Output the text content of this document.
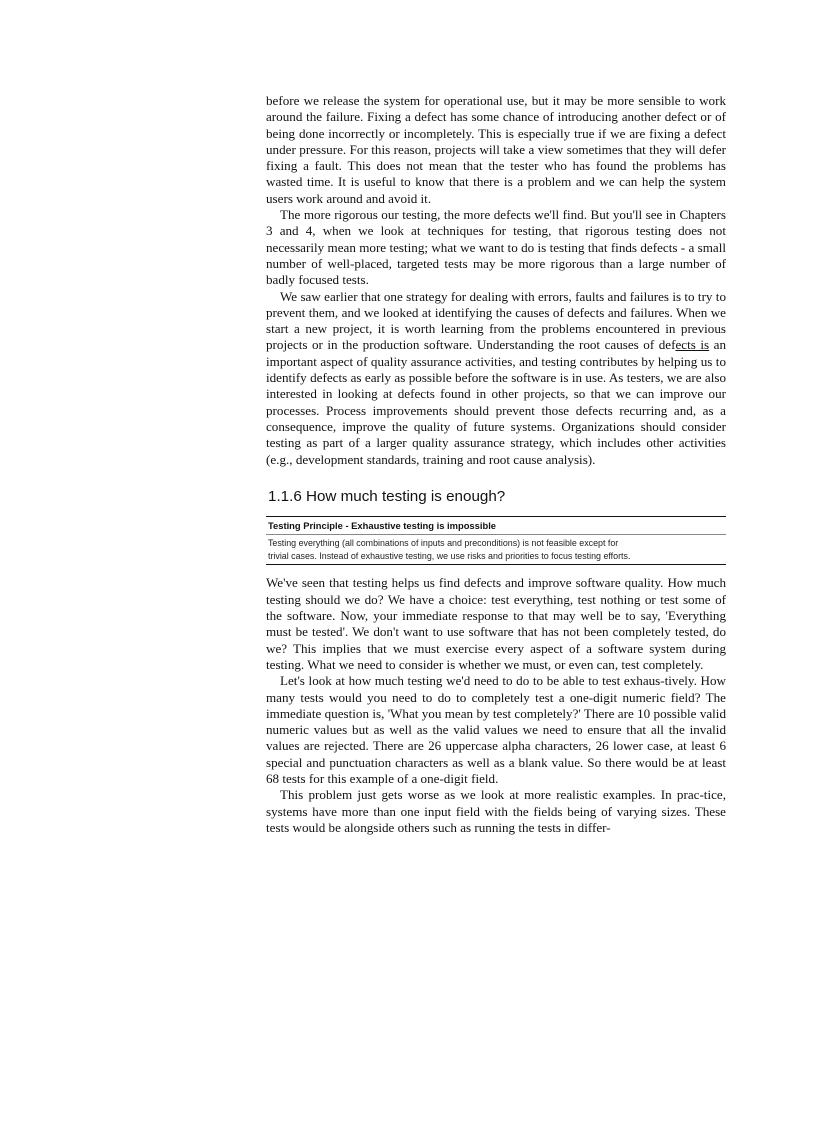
before we release the system for operational use, but it may be more sensible to work around the failure. Fixing a defect has some chance of introducing another defect or of being done incorrectly or incompletely. This is especially true if we are fixing a defect under pressure. For this reason, projects will take a view sometimes that they will defer fixing a fault. This does not mean that the tester who has found the problems has wasted time. It is useful to know that there is a problem and we can help the system users work around and avoid it.

The more rigorous our testing, the more defects we'll find. But you'll see in Chapters 3 and 4, when we look at techniques for testing, that rigorous testing does not necessarily mean more testing; what we want to do is testing that finds defects - a small number of well-placed, targeted tests may be more rigorous than a large number of badly focused tests.

We saw earlier that one strategy for dealing with errors, faults and failures is to try to prevent them, and we looked at identifying the causes of defects and failures. When we start a new project, it is worth learning from the problems encountered in previous projects or in the production software. Understanding the root causes of defects is an important aspect of quality assurance activities, and testing contributes by helping us to identify defects as early as possible before the software is in use. As testers, we are also interested in looking at defects found in other projects, so that we can improve our processes. Process improvements should prevent those defects recurring and, as a consequence, improve the quality of future systems. Organizations should consider testing as part of a larger quality assurance strategy, which includes other activities (e.g., development standards, training and root cause analysis).

1.1.6 How much testing is enough?
Testing Principle - Exhaustive testing is impossible
Testing everything (all combinations of inputs and preconditions) is not feasible except for
trivial cases. Instead of exhaustive testing, we use risks and priorities to focus testing efforts.

We've seen that testing helps us find defects and improve software quality. How much testing should we do? We have a choice: test everything, test nothing or test some of the software. Now, your immediate response to that may well be to say, 'Everything must be tested'. We don't want to use software that has not been completely tested, do we? This implies that we must exercise every aspect of a software system during testing. What we need to consider is whether we must, or even can, test completely.

Let's look at how much testing we'd need to do to be able to test exhaus-tively. How many tests would you need to do to completely test a one-digit numeric field? The immediate question is, 'What you mean by test completely?' There are 10 possible valid numeric values but as well as the valid values we need to ensure that all the invalid values are rejected. There are 26 uppercase alpha characters, 26 lower case, at least 6 special and punctuation characters as well as a blank value. So there would be at least 68 tests for this example of a one-digit field.

This problem just gets worse as we look at more realistic examples. In prac-tice, systems have more than one input field with the fields being of varying sizes. These tests would be alongside others such as running the tests in differ-
